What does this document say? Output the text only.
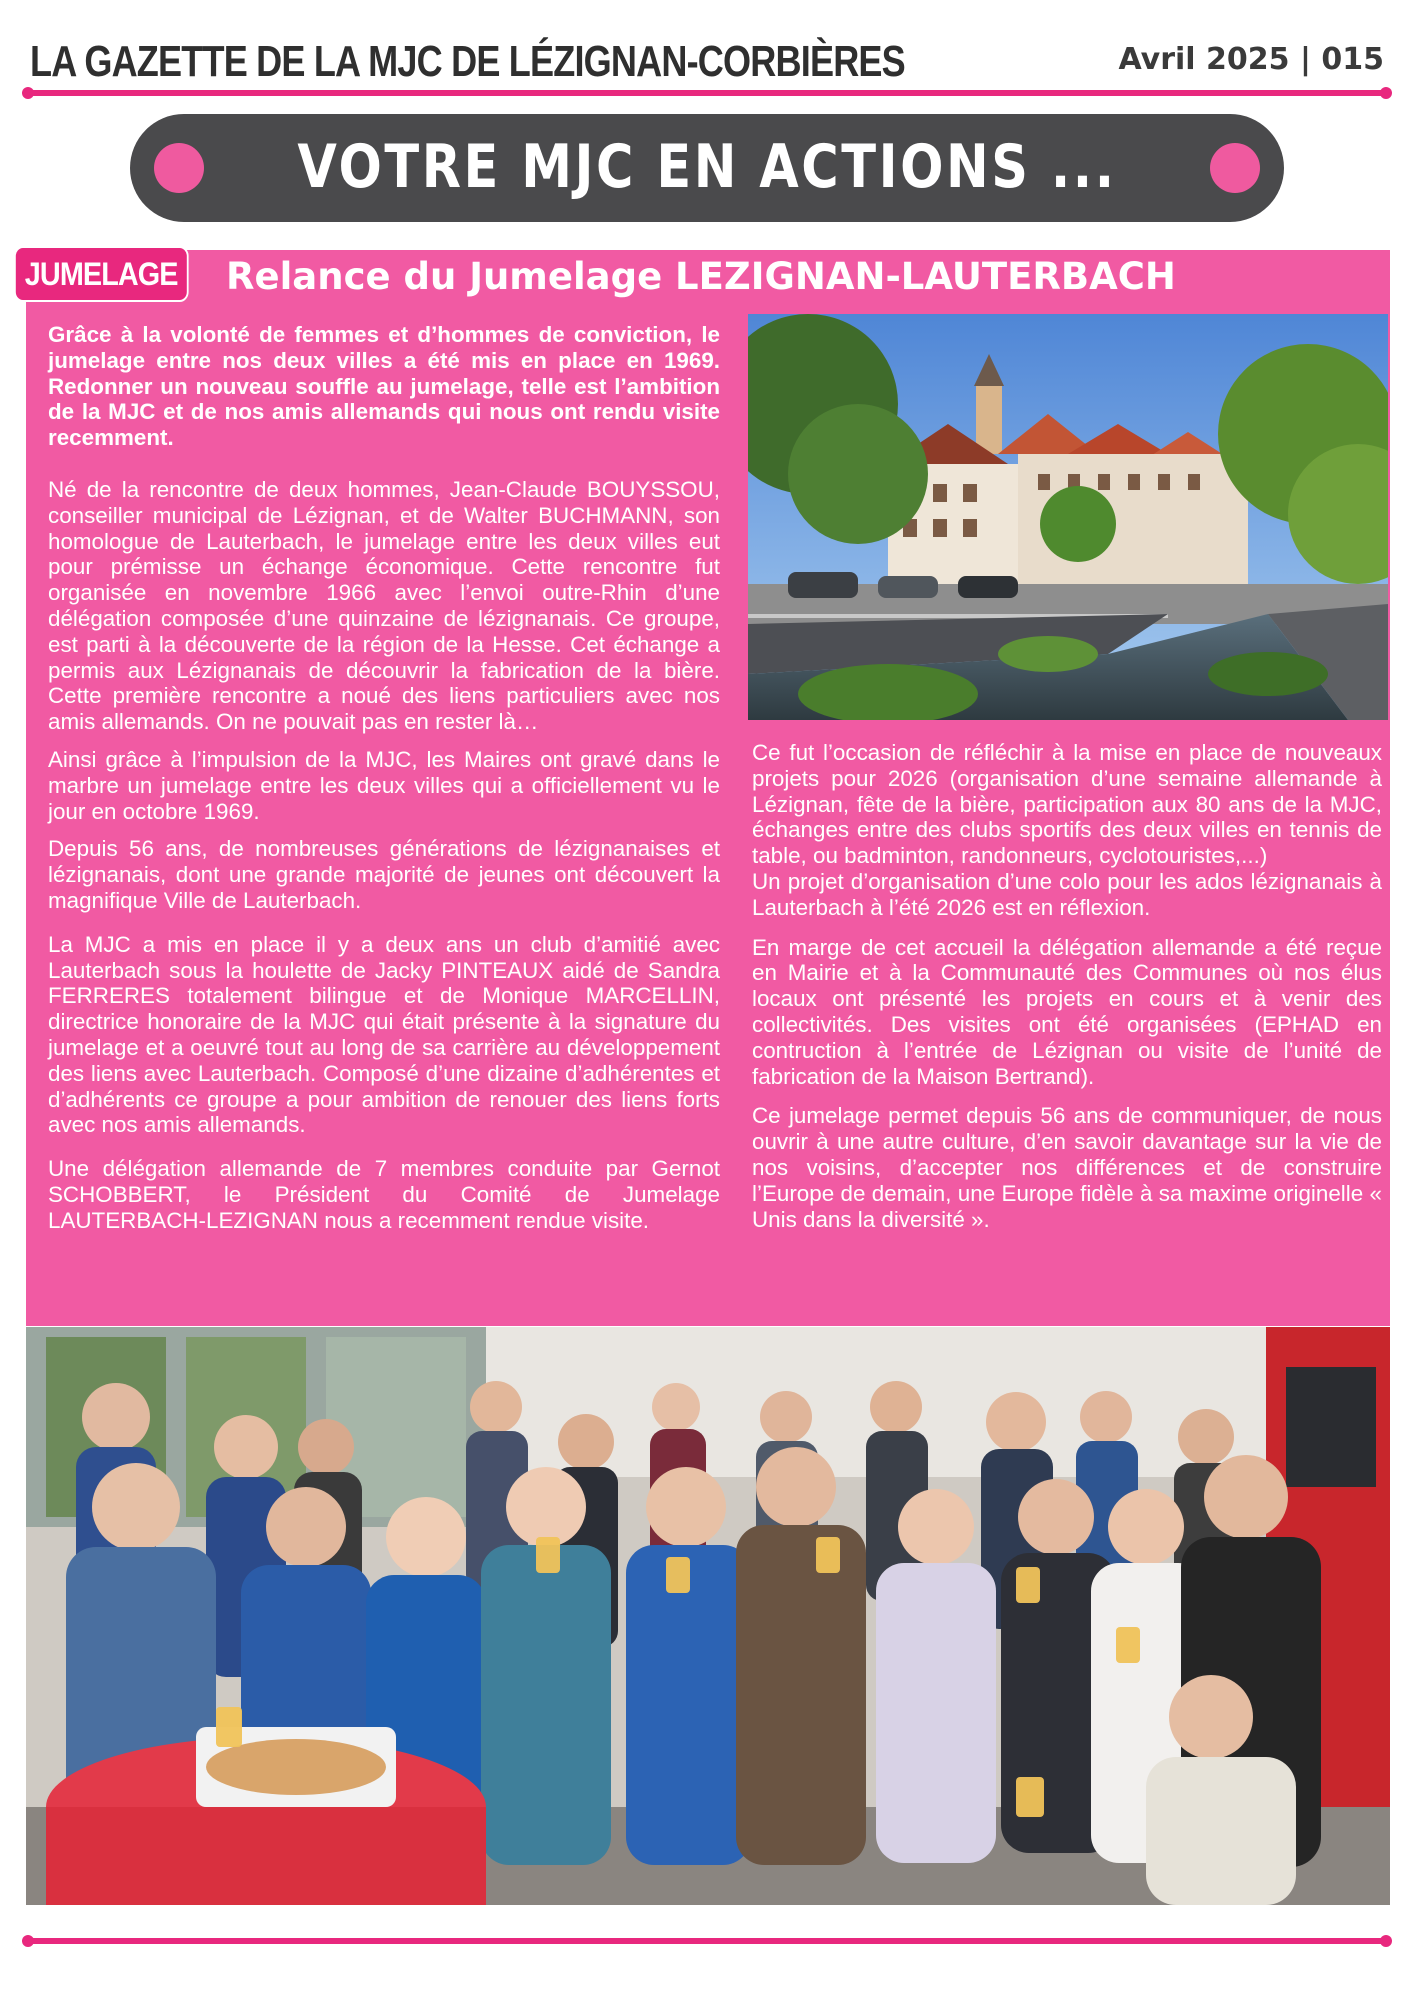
LA GAZETTE DE LA MJC DE LÉZIGNAN-CORBIÈRES	Avril 2025 | 015
VOTRE MJC EN ACTIONS ...
JUMELAGE Relance du Jumelage LEZIGNAN-LAUTERBACH

Grâce à la volonté de femmes et d’hommes de conviction, le jumelage entre nos deux villes a été mis en place en 1969. Redonner un nouveau souffle au jumelage, telle est l’ambition de la MJC et de nos amis allemands qui nous ont rendu visite recemment.

Né de la rencontre de deux hommes, Jean-Claude BOUYSSOU, conseiller municipal de Lézignan, et de Walter BUCHMANN, son homologue de Lauterbach, le jumelage entre les deux villes eut pour prémisse un échange économique. Cette rencontre fut organisée en novembre 1966 avec l’envoi outre-Rhin d’une délégation composée d’une quinzaine de lézignanais. Ce groupe, est parti à la découverte de la région de la Hesse. Cet échange a permis aux Lézignanais de découvrir la fabrication de la bière. Cette première rencontre a noué des liens particuliers avec nos amis allemands. On ne pouvait pas en rester là…

Ainsi grâce à l’impulsion de la MJC, les Maires ont gravé dans le marbre un jumelage entre les deux villes qui a officiellement vu le jour en octobre 1969.

Depuis 56 ans, de nombreuses générations de lézignanaises et lézignanais, dont une grande majorité de jeunes ont découvert la magnifique Ville de Lauterbach.

La MJC a mis en place il y a deux ans un club d’amitié avec Lauterbach sous la houlette de Jacky PINTEAUX aidé de Sandra FERRERES totalement bilingue et de Monique MARCELLIN, directrice honoraire de la MJC qui était présente à la signature du jumelage et a oeuvré tout au long de sa carrière au développement des liens avec Lauterbach. Composé d’une dizaine d’adhérentes et d’adhérents ce groupe a pour ambition de renouer des liens forts avec nos amis allemands.

Une délégation allemande de 7 membres conduite par Gernot SCHOBBERT, le Président du Comité de Jumelage LAUTERBACH-LEZIGNAN nous a recemment rendue visite.

Ce fut l’occasion de réfléchir à la mise en place de nouveaux projets pour 2026 (organisation d’une semaine allemande à Lézignan, fête de la bière, participation aux 80 ans de la MJC, échanges entre des clubs sportifs des deux villes en tennis de table, ou badminton, randonneurs, cyclotouristes,...)

Un projet d’organisation d’une colo pour les ados lézignanais à Lauterbach à l’été 2026 est en réflexion.

En marge de cet accueil la délégation allemande a été reçue en Mairie et à la Communauté des Communes où nos élus locaux ont présenté les projets en cours et à venir des collectivités. Des visites ont été organisées (EPHAD en contruction à l’entrée de Lézignan ou visite de l’unité de fabrication de la Maison Bertrand).

Ce jumelage permet depuis 56 ans de communiquer, de nous ouvrir à une autre culture, d’en savoir davantage sur la vie de nos voisins, d’accepter nos différences et de construire l’Europe de demain, une Europe fidèle à sa maxime originelle « Unis dans la diversité ».
